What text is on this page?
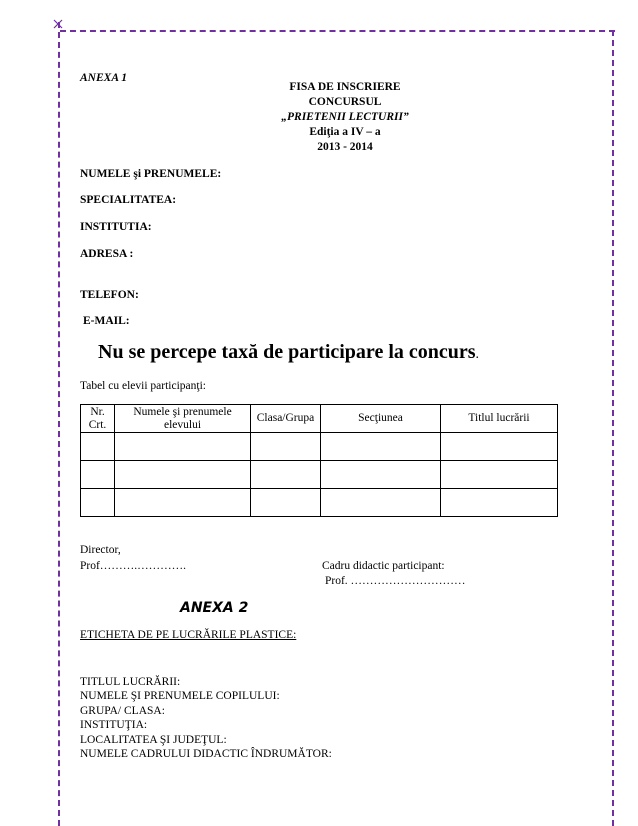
ANEXA 1
FISA DE INSCRIERE
CONCURSUL
„PRIETENII LECTURII”
Ediţia a IV – a
2013 - 2014
NUMELE şi PRENUMELE:
SPECIALITATEA:
INSTITUTIA:
ADRESA :
TELEFON:
E-MAIL:
Nu se percepe taxă de participare la concurs.
Tabel cu elevii participanţi:
Nr. Crt.	Numele şi prenumele elevului	Clasa/Grupa	Secţiunea	Titlul lucrării

Director,
Prof……….………….	Cadru didactic participant:
Prof. …………………………
ANEXA 2
ETICHETA DE PE LUCRĂRILE PLASTICE:
TITLUL LUCRĂRII:
NUMELE ŞI PRENUMELE COPILULUI:
GRUPA/ CLASA:
INSTITUŢIA:
LOCALITATEA ŞI JUDEŢUL:
NUMELE CADRULUI DIDACTIC ÎNDRUMĂTOR:
